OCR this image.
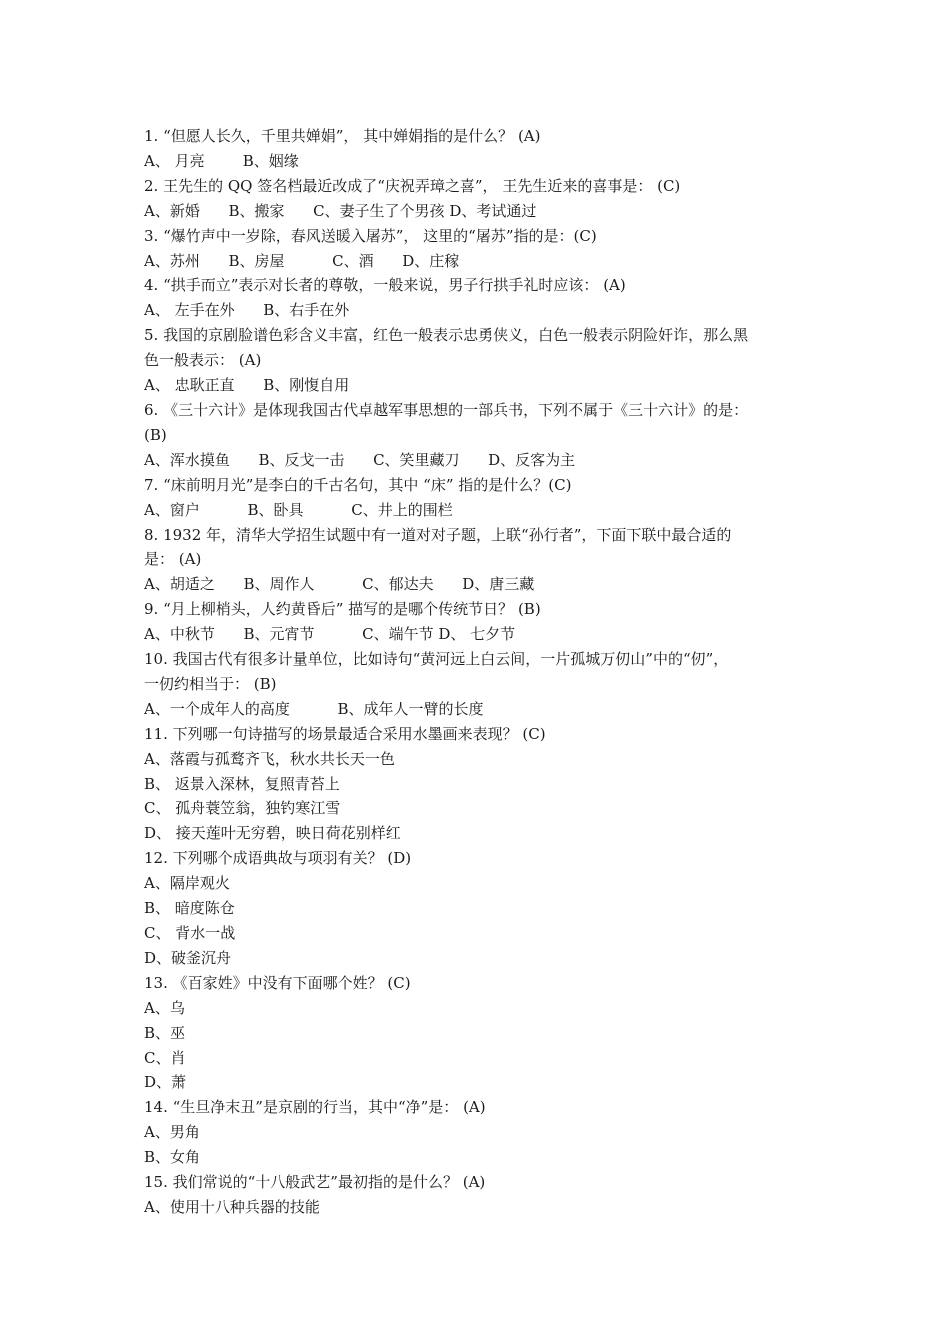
1. “但愿人长久，千里共婵娟”， 其中婵娟指的是什么？ (A)
A、 月亮        B、姻缘
2. 王先生的 QQ 签名档最近改成了“庆祝弄璋之喜”， 王先生近来的喜事是： (C)
A、新婚      B、搬家      C、妻子生了个男孩 D、考试通过
3. “爆竹声中一岁除，春风送暖入屠苏”， 这里的“屠苏”指的是：(C)
A、苏州      B、房屋          C、酒      D、庄稼
4. “拱手而立”表示对长者的尊敬，一般来说，男子行拱手礼时应该： (A)
A、 左手在外      B、右手在外
5. 我国的京剧脸谱色彩含义丰富，红色一般表示忠勇侠义，白色一般表示阴险奸诈，那么黑
色一般表示： (A)
A、 忠耿正直      B、刚愎自用
6. 《三十六计》是体现我国古代卓越军事思想的一部兵书，下列不属于《三十六计》的是：
(B)
A、浑水摸鱼      B、反戈一击      C、笑里藏刀      D、反客为主
7. “床前明月光”是李白的千古名句，其中 “床” 指的是什么？(C)
A、窗户          B、卧具          C、井上的围栏
8. 1932 年，清华大学招生试题中有一道对对子题，上联“孙行者”，下面下联中最合适的
是： (A)
A、胡适之      B、周作人          C、郁达夫      D、唐三藏
9. “月上柳梢头，人约黄昏后” 描写的是哪个传统节日？ (B)
A、中秋节      B、元宵节          C、端午节 D、 七夕节
10. 我国古代有很多计量单位，比如诗句“黄河远上白云间，一片孤城万仞山”中的“仞”，
一仞约相当于： (B)
A、一个成年人的高度          B、成年人一臂的长度
11. 下列哪一句诗描写的场景最适合采用水墨画来表现？ (C)
A、落霞与孤鹜齐飞，秋水共长天一色
B、 返景入深林，复照青苔上
C、 孤舟蓑笠翁，独钓寒江雪
D、 接天莲叶无穷碧，映日荷花别样红
12. 下列哪个成语典故与项羽有关？ (D)
A、隔岸观火
B、 暗度陈仓
C、 背水一战
D、破釜沉舟
13. 《百家姓》中没有下面哪个姓？ (C)
A、乌
B、巫
C、肖
D、萧
14. “生旦净末丑”是京剧的行当，其中“净”是： (A)
A、男角
B、女角
15. 我们常说的“十八般武艺”最初指的是什么？ (A)
A、使用十八种兵器的技能
